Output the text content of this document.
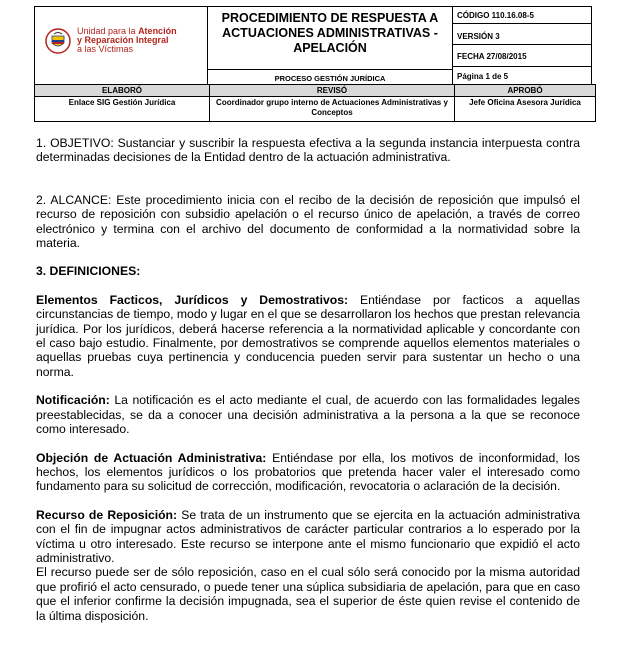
Unidad para la Atención
y Reparación Integral
a las Víctimas

PROCEDIMIENTO DE RESPUESTA A ACTUACIONES ADMINISTRATIVAS - APELACIÓN
PROCESO GESTIÓN JURÍDICA

CÓDIGO 110.16.08-5
VERSIÓN 3
FECHA 27/08/2015
Página 1 de 5
ELABORÓ	REVISÓ	APROBÓ
Enlace SIG Gestión Jurídica	Coordinador grupo interno de Actuaciones Administrativas y Conceptos	Jefe Oficina Asesora Jurídica

1. OBJETIVO: Sustanciar y suscribir la respuesta efectiva a la segunda instancia interpuesta contra determinadas decisiones de la Entidad dentro de la actuación administrativa.

2. ALCANCE: Este procedimiento inicia con el recibo de la decisión de reposición que impulsó el recurso de reposición con subsidio apelación o el recurso único de apelación, a través de correo electrónico y termina con el archivo del documento de conformidad a la normatividad sobre la materia.

3. DEFINICIONES:

Elementos Facticos, Jurídicos y Demostrativos: Entiéndase por facticos a aquellas circunstancias de tiempo, modo y lugar en el que se desarrollaron los hechos que prestan relevancia jurídica. Por los jurídicos, deberá hacerse referencia a la normatividad aplicable y concordante con el caso bajo estudio. Finalmente, por demostrativos se comprende aquellos elementos materiales o aquellas pruebas cuya pertinencia y conducencia pueden servir para sustentar un hecho o una norma.

Notificación: La notificación es el acto mediante el cual, de acuerdo con las formalidades legales preestablecidas, se da a conocer una decisión administrativa a la persona a la que se reconoce como interesado.

Objeción de Actuación Administrativa: Entiéndase por ella, los motivos de inconformidad, los hechos, los elementos jurídicos o los probatorios que pretenda hacer valer el interesado como fundamento para su solicitud de corrección, modificación, revocatoria o aclaración de la decisión.

Recurso de Reposición: Se trata de un instrumento que se ejercita en la actuación administrativa con el fin de impugnar actos administrativos de carácter particular contrarios a lo esperado por la víctima u otro interesado. Este recurso se interpone ante el mismo funcionario que expidió el acto administrativo.

El recurso puede ser de sólo reposición, caso en el cual sólo será conocido por la misma autoridad que profirió el acto censurado, o puede tener una súplica subsidiaria de apelación, para que en caso que el inferior confirme la decisión impugnada, sea el superior de éste quien revise el contenido de la última disposición.
